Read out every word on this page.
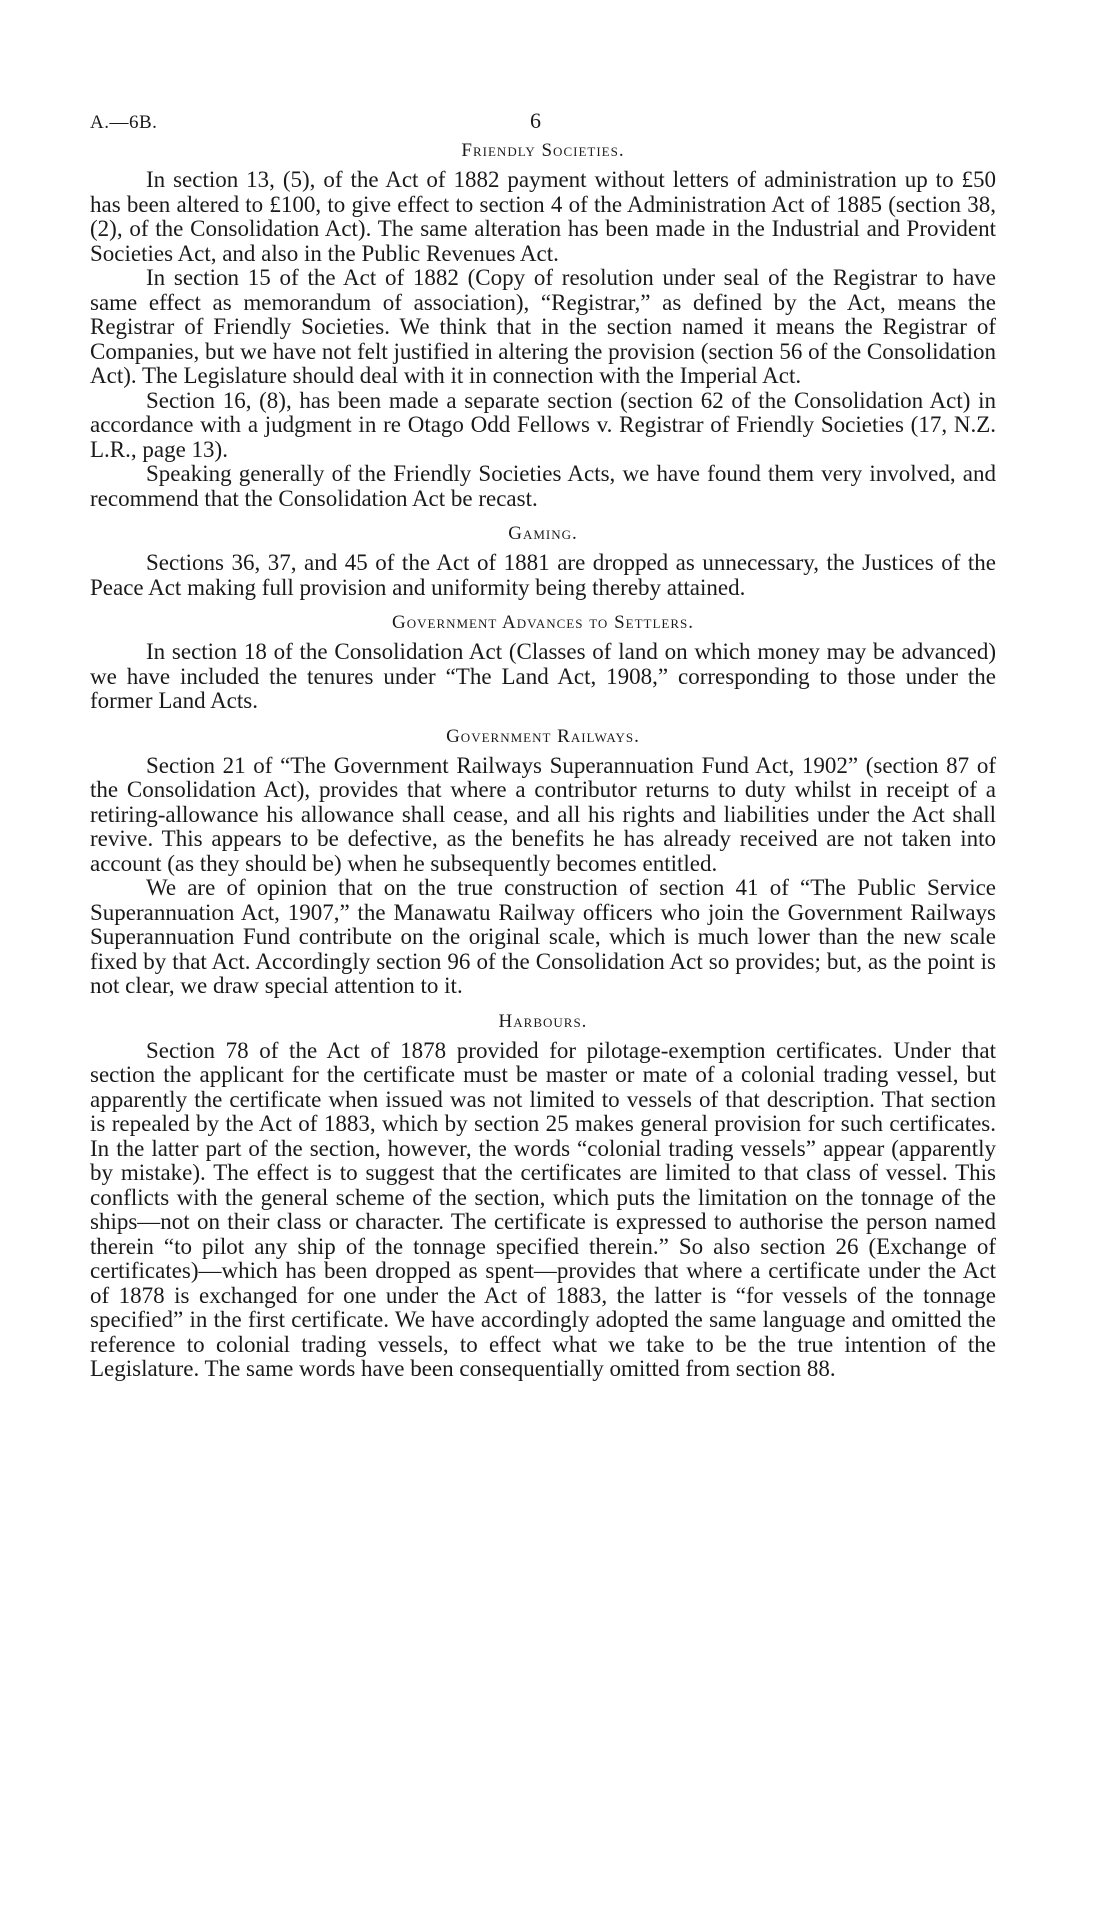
A.—6B.	6
Friendly Societies.

In section 13, (5), of the Act of 1882 payment without letters of administration up to £50 has been altered to £100, to give effect to section 4 of the Administration Act of 1885 (section 38, (2), of the Consolidation Act). The same alteration has been made in the Industrial and Provident Societies Act, and also in the Public Revenues Act.

In section 15 of the Act of 1882 (Copy of resolution under seal of the Registrar to have same effect as memorandum of association), “Registrar,” as defined by the Act, means the Registrar of Friendly Societies. We think that in the section named it means the Registrar of Companies, but we have not felt justified in altering the provision (section 56 of the Consolidation Act). The Legislature should deal with it in connection with the Imperial Act.

Section 16, (8), has been made a separate section (section 62 of the Consolidation Act) in accordance with a judgment in re Otago Odd Fellows v. Registrar of Friendly Societies (17, N.Z. L.R., page 13).

Speaking generally of the Friendly Societies Acts, we have found them very involved, and recommend that the Consolidation Act be recast.

Gaming.

Sections 36, 37, and 45 of the Act of 1881 are dropped as unnecessary, the Justices of the Peace Act making full provision and uniformity being thereby attained.

Government Advances to Settlers.

In section 18 of the Consolidation Act (Classes of land on which money may be advanced) we have included the tenures under “The Land Act, 1908,” corresponding to those under the former Land Acts.

Government Railways.

Section 21 of “The Government Railways Superannuation Fund Act, 1902” (section 87 of the Consolidation Act), provides that where a contributor returns to duty whilst in receipt of a retiring-allowance his allowance shall cease, and all his rights and liabilities under the Act shall revive. This appears to be defective, as the benefits he has already received are not taken into account (as they should be) when he subsequently becomes entitled.

We are of opinion that on the true construction of section 41 of “The Public Service Superannuation Act, 1907,” the Manawatu Railway officers who join the Government Railways Superannuation Fund contribute on the original scale, which is much lower than the new scale fixed by that Act. Accordingly section 96 of the Consolidation Act so provides; but, as the point is not clear, we draw special attention to it.

Harbours.

Section 78 of the Act of 1878 provided for pilotage-exemption certificates. Under that section the applicant for the certificate must be master or mate of a colonial trading vessel, but apparently the certificate when issued was not limited to vessels of that description. That section is repealed by the Act of 1883, which by section 25 makes general provision for such certificates. In the latter part of the section, however, the words “colonial trading vessels” appear (apparently by mistake). The effect is to suggest that the certificates are limited to that class of vessel. This conflicts with the general scheme of the section, which puts the limitation on the tonnage of the ships—not on their class or character. The certificate is expressed to authorise the person named therein “to pilot any ship of the tonnage specified therein.” So also section 26 (Exchange of certificates)—which has been dropped as spent—provides that where a certificate under the Act of 1878 is exchanged for one under the Act of 1883, the latter is “for vessels of the tonnage specified” in the first certificate. We have accordingly adopted the same language and omitted the reference to colonial trading vessels, to effect what we take to be the true intention of the Legislature. The same words have been consequentially omitted from section 88.
